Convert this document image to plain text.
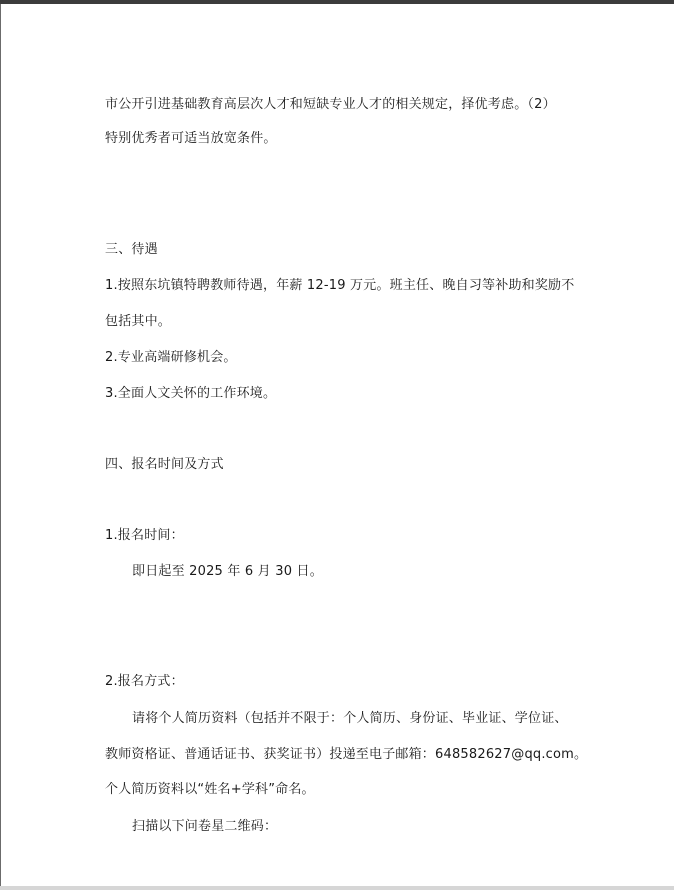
市公开引进基础教育高层次人才和短缺专业人才的相关规定，择优考虑。（2）
特别优秀者可适当放宽条件。
三、待遇
1.按照东坑镇特聘教师待遇，年薪 12-19 万元。班主任、晚自习等补助和奖励不
包括其中。
2.专业高端研修机会。
3.全面人文关怀的工作环境。
四、报名时间及方式
1.报名时间：
即日起至 2025 年 6 月 30 日。
2.报名方式：
请将个人简历资料（包括并不限于：个人简历、身份证、毕业证、学位证、
教师资格证、普通话证书、获奖证书）投递至电子邮箱：648582627@qq.com。
个人简历资料以“姓名+学科”命名。
扫描以下问卷星二维码：
